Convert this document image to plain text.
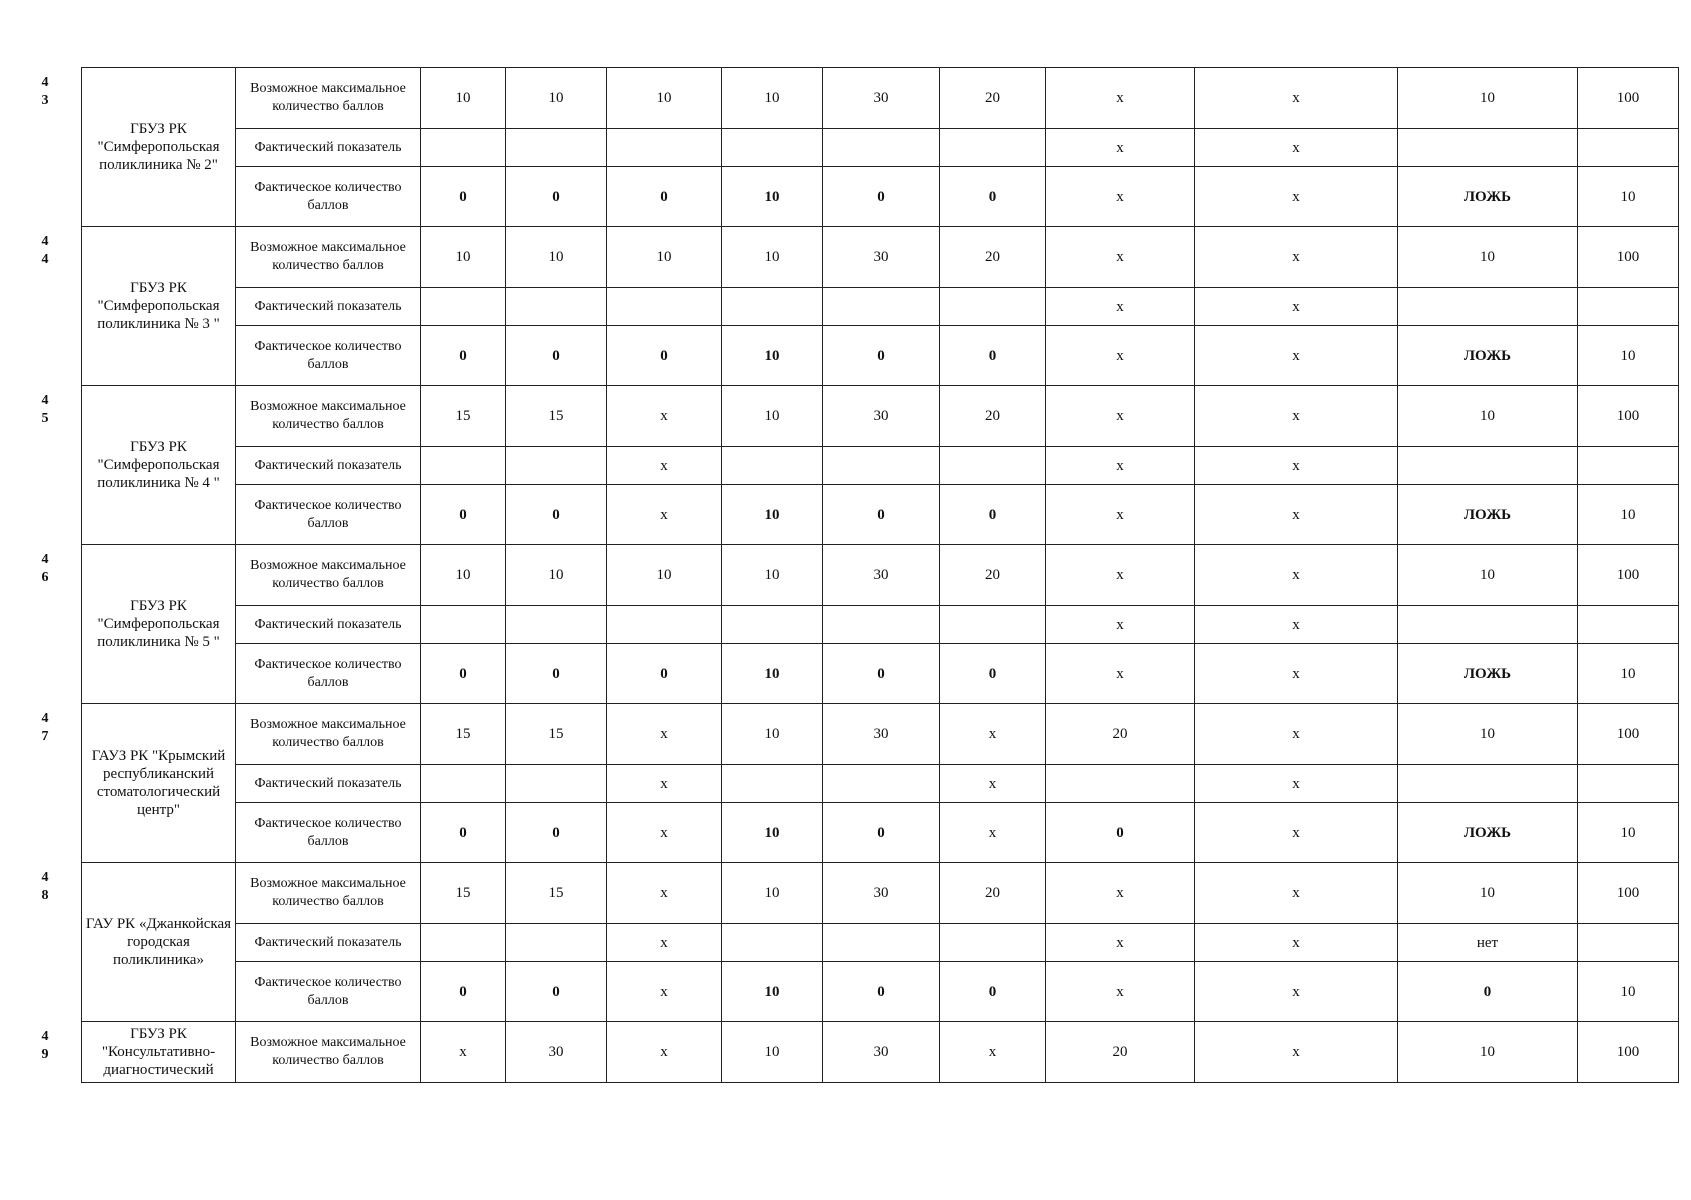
43	ГБУЗ РК "Симферопольская поликлиника № 2"	Возможное максимальное количество баллов	10	10	10	10	30	20	x	x	10	100
		Фактический показатель							x	x		
		Фактическое количество баллов	0	0	0	10	0	0	x	x	ЛОЖЬ	10

44	ГБУЗ РК "Симферопольская поликлиника № 3 "	Возможное максимальное количество баллов	10	10	10	10	30	20	x	x	10	100
		Фактический показатель							x	x		
		Фактическое количество баллов	0	0	0	10	0	0	x	x	ЛОЖЬ	10

45	ГБУЗ РК "Симферопольская поликлиника № 4 "	Возможное максимальное количество баллов	15	15	x	10	30	20	x	x	10	100
		Фактический показатель			x				x	x		
		Фактическое количество баллов	0	0	x	10	0	0	x	x	ЛОЖЬ	10

46	ГБУЗ РК "Симферопольская поликлиника № 5 "	Возможное максимальное количество баллов	10	10	10	10	30	20	x	x	10	100
		Фактический показатель							x	x		
		Фактическое количество баллов	0	0	0	10	0	0	x	x	ЛОЖЬ	10

47	ГАУЗ РК "Крымский республиканский стоматологический центр"	Возможное максимальное количество баллов	15	15	x	10	30	x	20	x	10	100
		Фактический показатель			x			x		x		
		Фактическое количество баллов	0	0	x	10	0	x	0	x	ЛОЖЬ	10

48	ГАУ РК «Джанкойская городская поликлиника»	Возможное максимальное количество баллов	15	15	x	10	30	20	x	x	10	100
		Фактический показатель			x				x	x	нет	
		Фактическое количество баллов	0	0	x	10	0	0	x	x	0	10

49	ГБУЗ РК "Консультативно-диагностический	Возможное максимальное количество баллов	x	30	x	10	30	x	20	x	10	100
